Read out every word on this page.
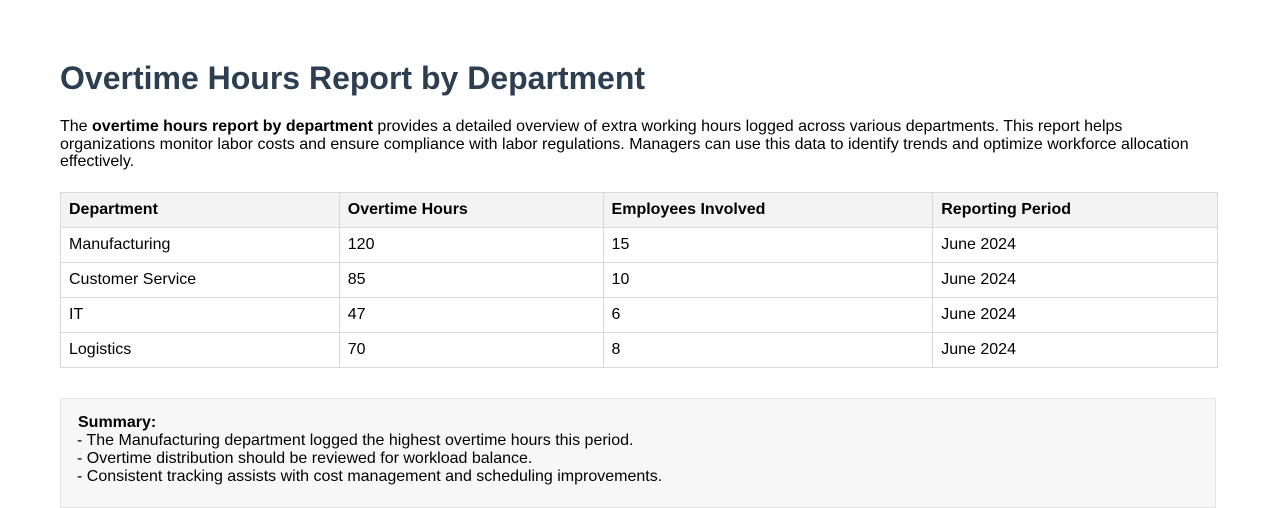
Overtime Hours Report by Department

The overtime hours report by department provides a detailed overview of extra working hours logged across various departments. This report helps organizations monitor labor costs and ensure compliance with labor regulations. Managers can use this data to identify trends and optimize workforce allocation effectively.

Department	Overtime Hours	Employees Involved	Reporting Period
Manufacturing	120	15	June 2024
Customer Service	85	10	June 2024
IT	47	6	June 2024
Logistics	70	8	June 2024
Summary:
- The Manufacturing department logged the highest overtime hours this period.
- Overtime distribution should be reviewed for workload balance.
- Consistent tracking assists with cost management and scheduling improvements.
